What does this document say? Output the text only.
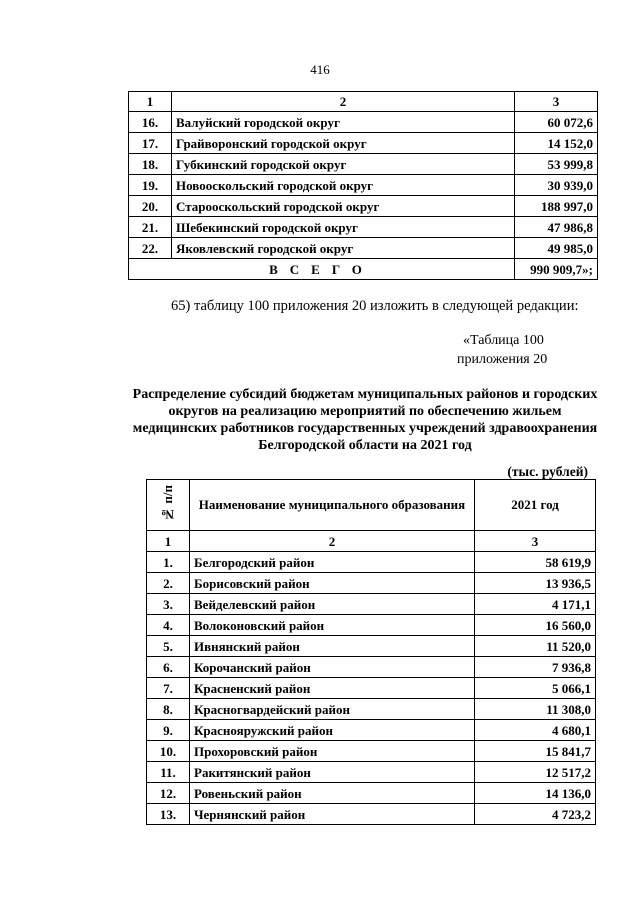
416
1	2	3
16.	Валуйский городской округ	60 072,6
17.	Грайворонский городской округ	14 152,0
18.	Губкинский городской округ	53 999,8
19.	Новооскольский городской округ	30 939,0
20.	Старооскольский городской округ	188 997,0
21.	Шебекинский городской округ	47 986,8
22.	Яковлевский городской округ	49 985,0
ВСЕГО		990 909,7»;
65) таблицу 100 приложения 20 изложить в следующей редакции:
«Таблица 100
приложения 20
Распределение субсидий бюджетам муниципальных районов и городских округов на реализацию мероприятий по обеспечению жильем медицинских работников государственных учреждений здравоохранения Белгородской области на 2021 год
(тыс. рублей)
№ п/п	Наименование муниципального образования	2021 год
1	2	3
1.	Белгородский район	58 619,9
2.	Борисовский район	13 936,5
3.	Вейделевский район	4 171,1
4.	Волоконовский район	16 560,0
5.	Ивнянский район	11 520,0
6.	Корочанский район	7 936,8
7.	Красненский район	5 066,1
8.	Красногвардейский район	11 308,0
9.	Краснояружский район	4 680,1
10.	Прохоровский район	15 841,7
11.	Ракитянский район	12 517,2
12.	Ровеньский район	14 136,0
13.	Чернянский район	4 723,2
